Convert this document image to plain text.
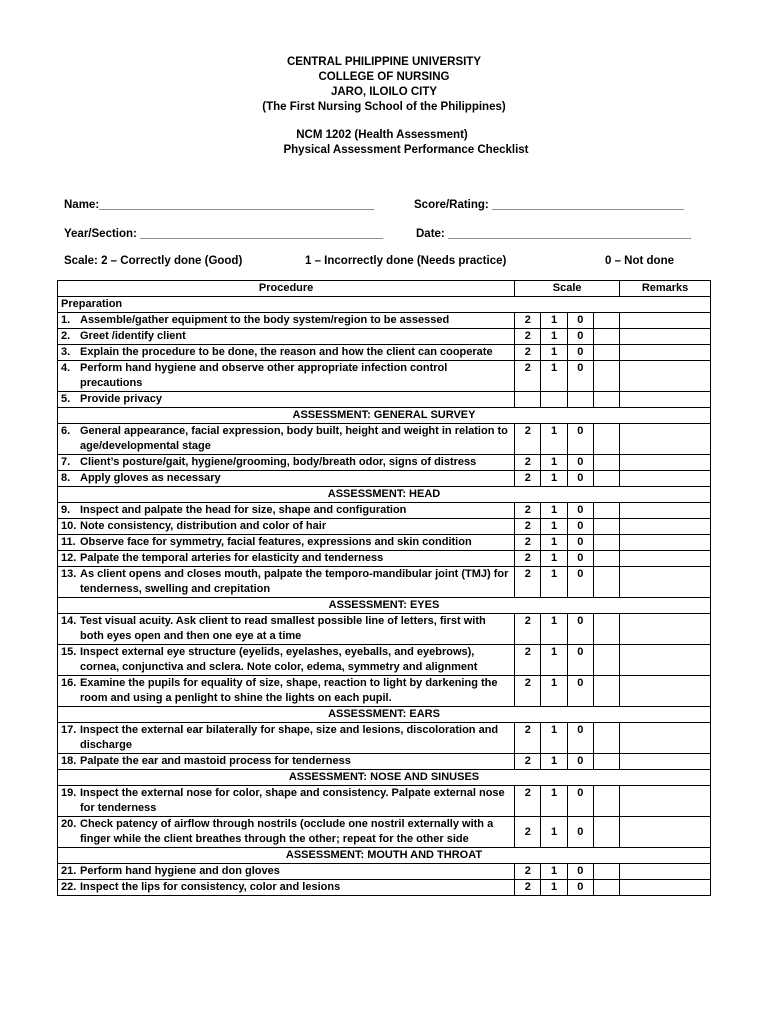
CENTRAL PHILIPPINE UNIVERSITY
COLLEGE OF NURSING
JARO, ILOILO CITY
(The First Nursing School of the Philippines)
NCM 1202 (Health Assessment)
Physical Assessment Performance Checklist
Name:___________________________________________	Score/Rating: ______________________________
Year/Section: ______________________________________	Date: ______________________________________
Scale: 2 – Correctly done (Good)	1 – Incorrectly done (Needs practice)	0 – Not done
Procedure	Scale				Remarks
Preparation					

1. Assemble/gather equipment to the body system/region to be assessed	2	1	0		

2. Greet /identify client	2	1	0		

3. Explain the procedure to be done, the reason and how the client can cooperate	2	1	0		

4. Perform hand hygiene and observe other appropriate infection control precautions	2	1	0		

5. Provide privacy					

ASSESSMENT: GENERAL SURVEY					

6. General appearance, facial expression, body built, height and weight in relation to age/developmental stage	2	1	0		

7. Client’s posture/gait, hygiene/grooming, body/breath odor, signs of distress	2	1	0		

8. Apply gloves as necessary	2	1	0		
ASSESSMENT: HEAD					

9. Inspect and palpate the head for size, shape and configuration	2	1	0		

10. Note consistency, distribution and color of hair	2	1	0		

11. Observe face for symmetry, facial features, expressions and skin condition	2	1	0		

12. Palpate the temporal arteries for elasticity and tenderness	2	1	0		

13. As client opens and closes mouth, palpate the temporo-mandibular joint (TMJ) for tenderness, swelling and crepitation	2	1	0		
ASSESSMENT: EYES					

14. Test visual acuity. Ask client to read smallest possible line of letters, first with both eyes open and then one eye at a time	2	1	0		

15. Inspect external eye structure (eyelids, eyelashes, eyeballs, and eyebrows), cornea, conjunctiva and sclera. Note color, edema, symmetry and alignment	2	1	0		

16. Examine the pupils for equality of size, shape, reaction to light by darkening the room and using a penlight to shine the lights on each pupil.	2	1	0		
ASSESSMENT: EARS					

17. Inspect the external ear bilaterally for shape, size and lesions, discoloration and discharge	2	1	0		

18. Palpate the ear and mastoid process for tenderness	2	1	0		
ASSESSMENT: NOSE AND SINUSES					

19. Inspect the external nose for color, shape and consistency. Palpate external nose for tenderness	2	1	0		

20. Check patency of airflow through nostrils (occlude one nostril externally with a finger while the client breathes through the other; repeat for the other side	2	1	0		
ASSESSMENT: MOUTH AND THROAT					

21. Perform hand hygiene and don gloves	2	1	0		

22. Inspect the lips for consistency, color and lesions	2	1	0		
